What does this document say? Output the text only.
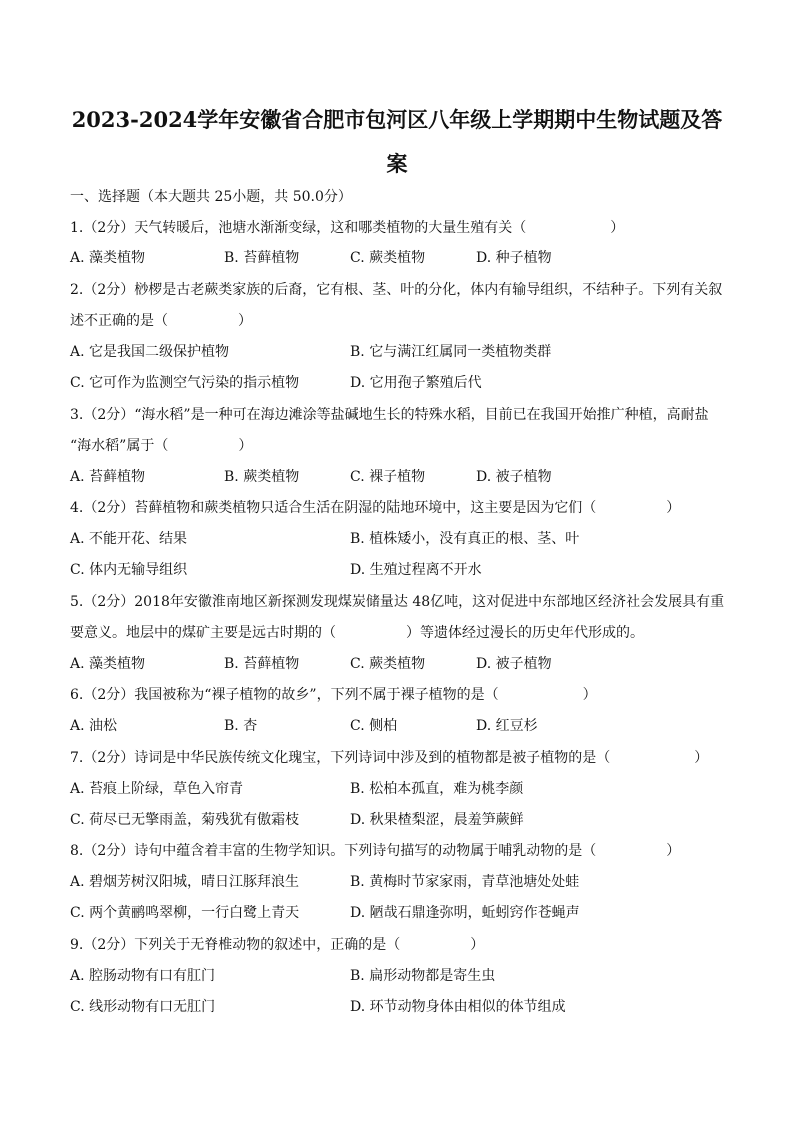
2023-2024学年安徽省合肥市包河区八年级上学期期中生物试题及答
案
一、选择题（本大题共 25小题，共 50.0分）
1.（2分）天气转暖后，池塘水渐渐变绿，这和哪类植物的大量生殖有关（　　　　　　）
A. 藻类植物	B. 苔藓植物	C. 蕨类植物	D. 种子植物
2.（2分）桫椤是古老蕨类家族的后裔，它有根、茎、叶的分化，体内有输导组织，不结种子。下列有关叙
述不正确的是（　　　　　）
A. 它是我国二级保护植物	B. 它与满江红属同一类植物类群
C. 它可作为监测空气污染的指示植物	D. 它用孢子繁殖后代
3.（2分）“海水稻”是一种可在海边滩涂等盐碱地生长的特殊水稻，目前已在我国开始推广种植，高耐盐
“海水稻”属于（　　　　　）
A. 苔藓植物	B. 蕨类植物	C. 裸子植物	D. 被子植物
4.（2分）苔藓植物和蕨类植物只适合生活在阴湿的陆地环境中，这主要是因为它们（　　　　　）
A. 不能开花、结果	B. 植株矮小，没有真正的根、茎、叶
C. 体内无输导组织	D. 生殖过程离不开水
5.（2分）2018年安徽淮南地区新探测发现煤炭储量达 48亿吨，这对促进中东部地区经济社会发展具有重
要意义。地层中的煤矿主要是远古时期的（　　　　　）等遗体经过漫长的历史年代形成的。
A. 藻类植物	B. 苔藓植物	C. 蕨类植物	D. 被子植物
6.（2分）我国被称为“裸子植物的故乡”，下列不属于裸子植物的是（　　　　　　）
A. 油松	B. 杏	C. 侧柏	D. 红豆杉
7.（2分）诗词是中华民族传统文化瑰宝，下列诗词中涉及到的植物都是被子植物的是（　　　　　　）
A. 苔痕上阶绿，草色入帘青	B. 松柏本孤直，难为桃李颜
C. 荷尽已无擎雨盖，菊残犹有傲霜枝	D. 秋果楂梨涩，晨羞笋蕨鲜
8.（2分）诗句中蕴含着丰富的生物学知识。下列诗句描写的动物属于哺乳动物的是（　　　　　）
A. 碧烟芳树汉阳城，晴日江豚拜浪生	B. 黄梅时节家家雨，青草池塘处处蛙
C. 两个黄鹂鸣翠柳，一行白鹭上青天	D. 陋哉石鼎逢弥明，蚯蚓窍作苍蝇声
9.（2分）下列关于无脊椎动物的叙述中，正确的是（　　　　　）
A. 腔肠动物有口有肛门	B. 扁形动物都是寄生虫
C. 线形动物有口无肛门	D. 环节动物身体由相似的体节组成
